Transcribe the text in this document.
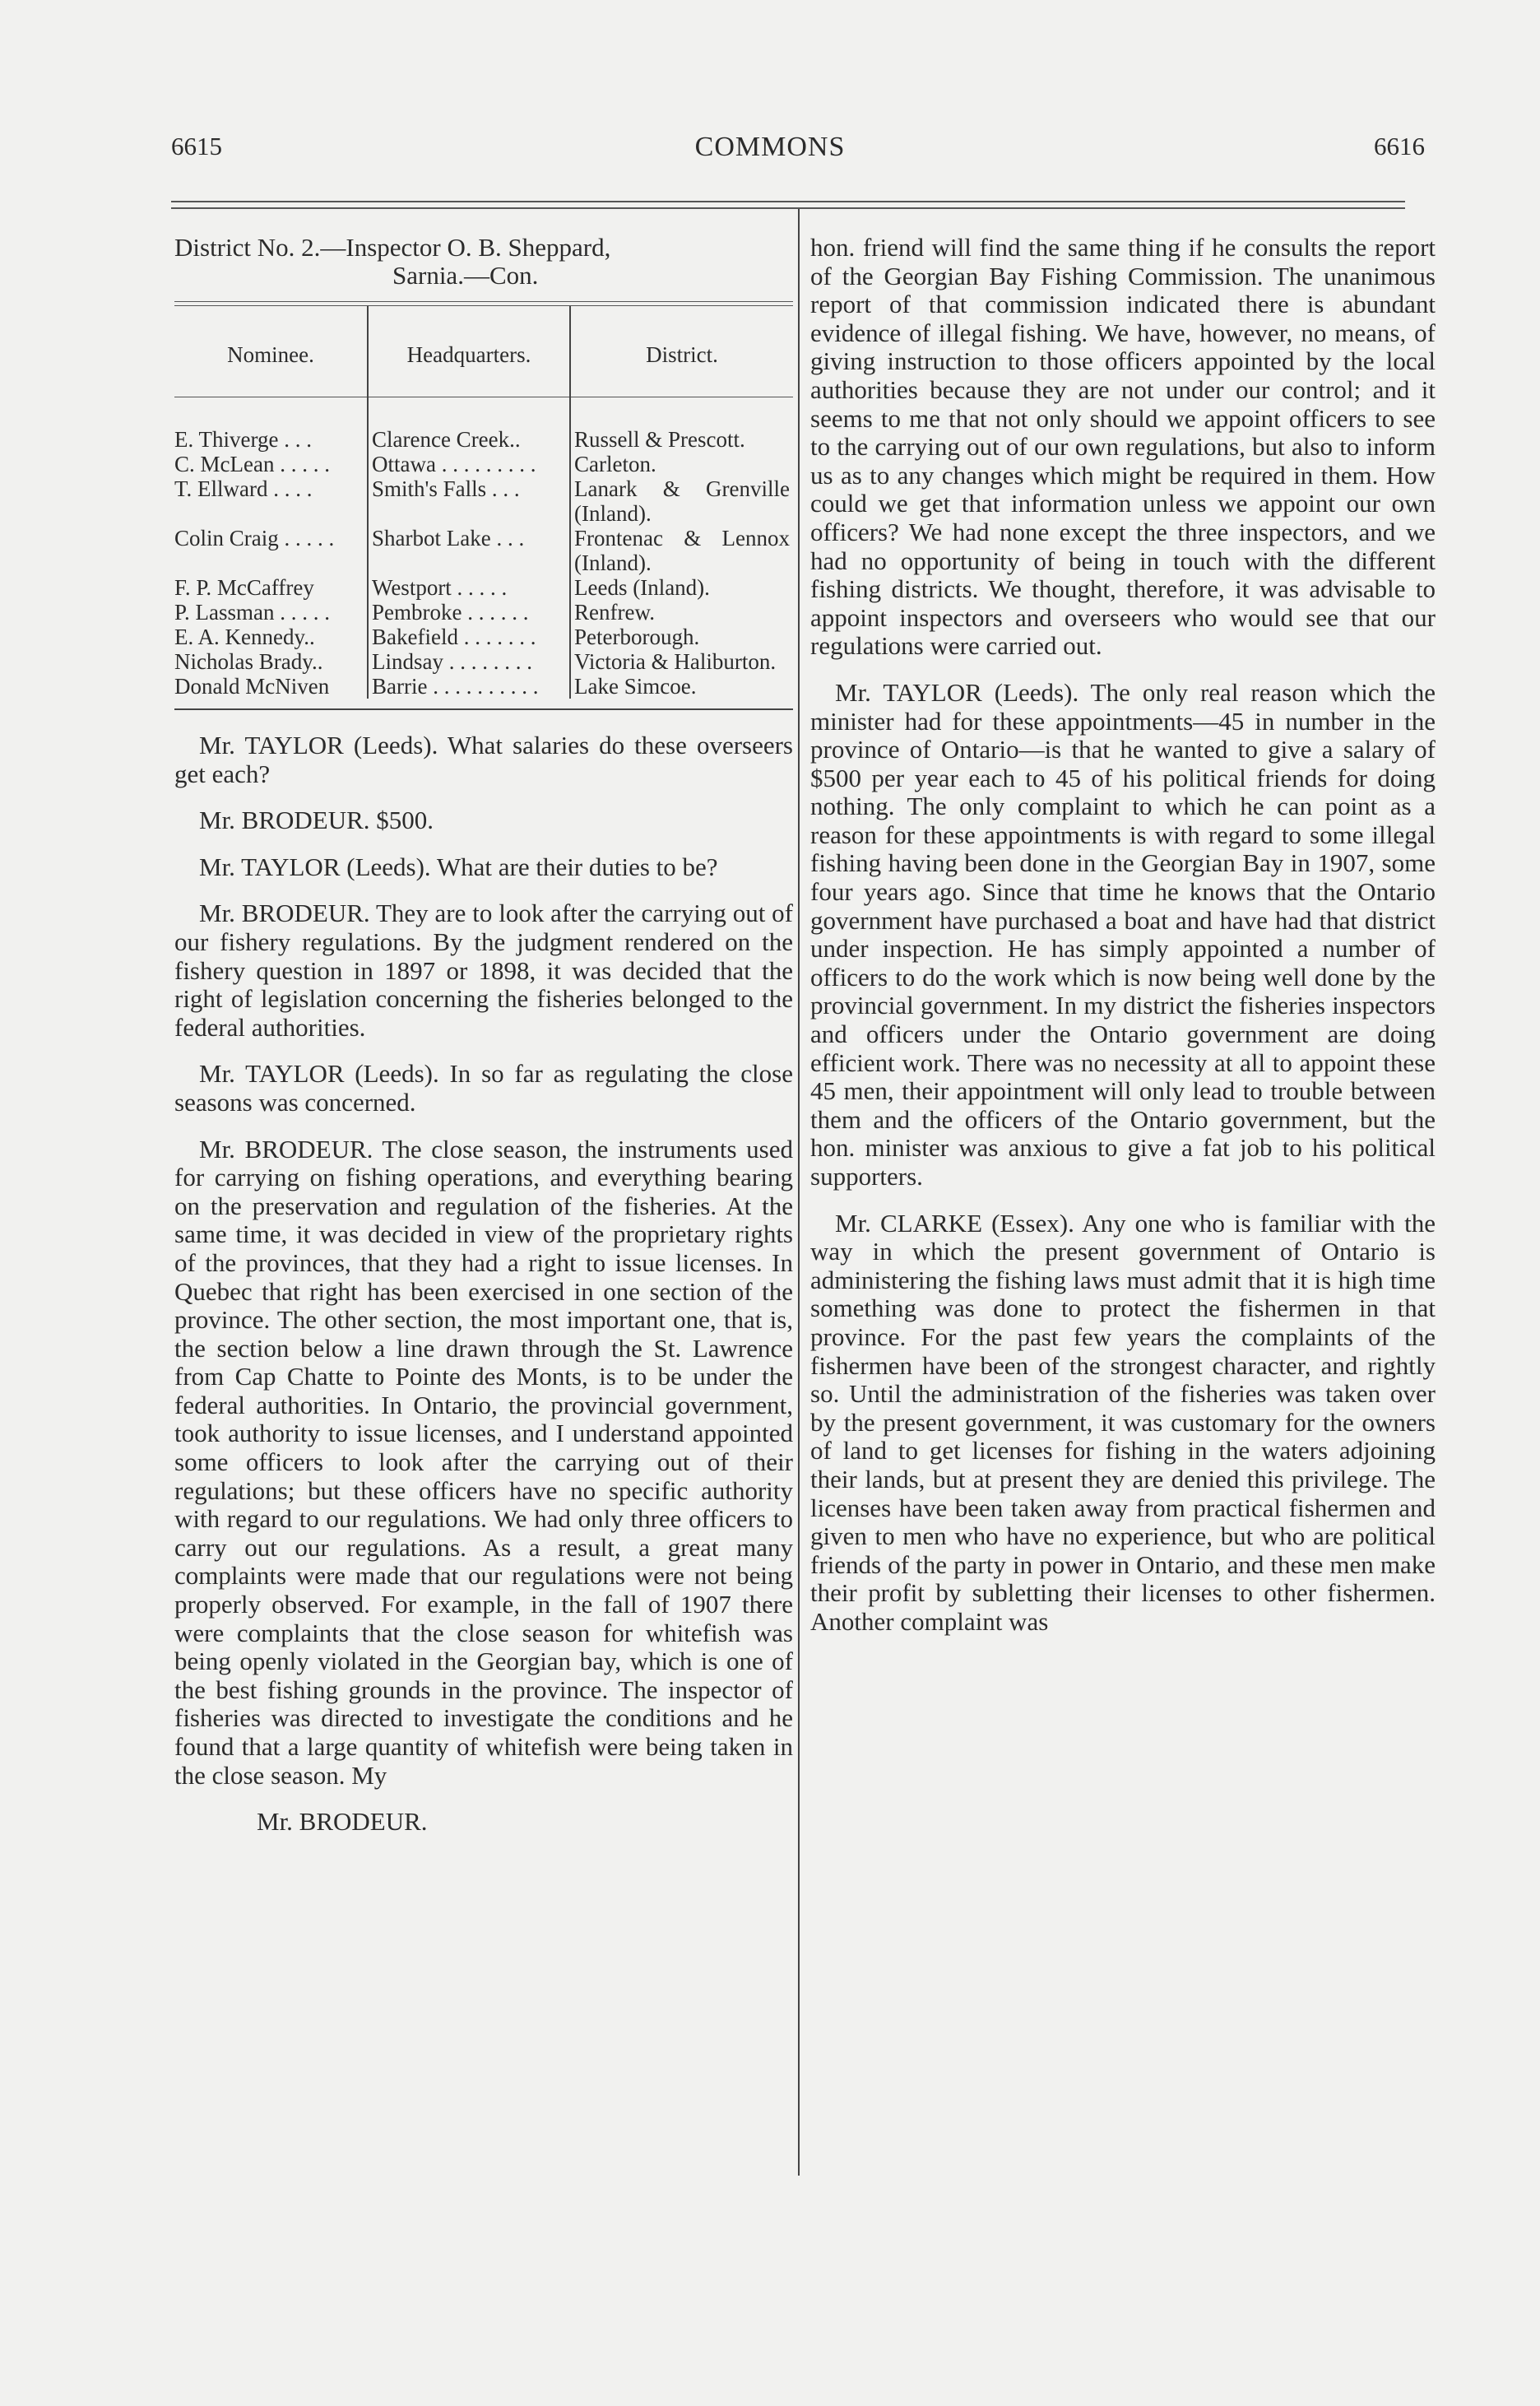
6615	COMMONS	6616
District No. 2.—Inspector O. B. Sheppard,
Sarnia.—Con.
Nominee.	Headquarters.	District.

E. Thiverge . . .	Clarence Creek..	Russell & Prescott.
C. McLean . . . . .	Ottawa . . . . . . . . .	Carleton.
T. Ellward . . . .	Smith's Falls . . .	Lanark & Grenville (Inland).
Colin Craig . . . . .	Sharbot Lake . . .	Frontenac & Lennox (Inland).
F. P. McCaffrey	Westport . . . . .	Leeds (Inland).
P. Lassman . . . . .	Pembroke . . . . . .	Renfrew.
E. A. Kennedy..	Bakefield . . . . . . .	Peterborough.
Nicholas Brady..	Lindsay . . . . . . . .	Victoria & Haliburton.
Donald McNiven	Barrie . . . . . . . . . .	Lake Simcoe.

Mr. TAYLOR (Leeds). What salaries do these overseers get each?

Mr. BRODEUR. $500.

Mr. TAYLOR (Leeds). What are their duties to be?

Mr. BRODEUR. They are to look after the carrying out of our fishery regulations. By the judgment rendered on the fishery question in 1897 or 1898, it was decided that the right of legislation concerning the fisheries belonged to the federal authorities.

Mr. TAYLOR (Leeds). In so far as regulating the close seasons was concerned.

Mr. BRODEUR. The close season, the instruments used for carrying on fishing operations, and everything bearing on the preservation and regulation of the fisheries. At the same time, it was decided in view of the proprietary rights of the provinces, that they had a right to issue licenses. In Quebec that right has been exercised in one section of the province. The other section, the most important one, that is, the section below a line drawn through the St. Lawrence from Cap Chatte to Pointe des Monts, is to be under the federal authorities. In Ontario, the provincial government, took authority to issue licenses, and I understand appointed some officers to look after the carrying out of their regulations; but these officers have no specific authority with regard to our regulations. We had only three officers to carry out our regulations. As a result, a great many complaints were made that our regulations were not being properly observed. For example, in the fall of 1907 there were complaints that the close season for whitefish was being openly violated in the Georgian bay, which is one of the best fishing grounds in the province. The inspector of fisheries was directed to investigate the conditions and he found that a large quantity of whitefish were being taken in the close season. My

Mr. BRODEUR.

hon. friend will find the same thing if he consults the report of the Georgian Bay Fishing Commission. The unanimous report of that commission indicated there is abundant evidence of illegal fishing. We have, however, no means, of giving instruction to those officers appointed by the local authorities because they are not under our control; and it seems to me that not only should we appoint officers to see to the carrying out of our own regulations, but also to inform us as to any changes which might be required in them. How could we get that information unless we appoint our own officers? We had none except the three inspectors, and we had no opportunity of being in touch with the different fishing districts. We thought, therefore, it was advisable to appoint inspectors and overseers who would see that our regulations were carried out.

Mr. TAYLOR (Leeds). The only real reason which the minister had for these appointments—45 in number in the province of Ontario—is that he wanted to give a salary of $500 per year each to 45 of his political friends for doing nothing. The only complaint to which he can point as a reason for these appointments is with regard to some illegal fishing having been done in the Georgian Bay in 1907, some four years ago. Since that time he knows that the Ontario government have purchased a boat and have had that district under inspection. He has simply appointed a number of officers to do the work which is now being well done by the provincial government. In my district the fisheries inspectors and officers under the Ontario government are doing efficient work. There was no necessity at all to appoint these 45 men, their appointment will only lead to trouble between them and the officers of the Ontario government, but the hon. minister was anxious to give a fat job to his political supporters.

Mr. CLARKE (Essex). Any one who is familiar with the way in which the present government of Ontario is administering the fishing laws must admit that it is high time something was done to protect the fishermen in that province. For the past few years the complaints of the fishermen have been of the strongest character, and rightly so. Until the administration of the fisheries was taken over by the present government, it was customary for the owners of land to get licenses for fishing in the waters adjoining their lands, but at present they are denied this privilege. The licenses have been taken away from practical fishermen and given to men who have no experience, but who are political friends of the party in power in Ontario, and these men make their profit by subletting their licenses to other fishermen. Another complaint was
